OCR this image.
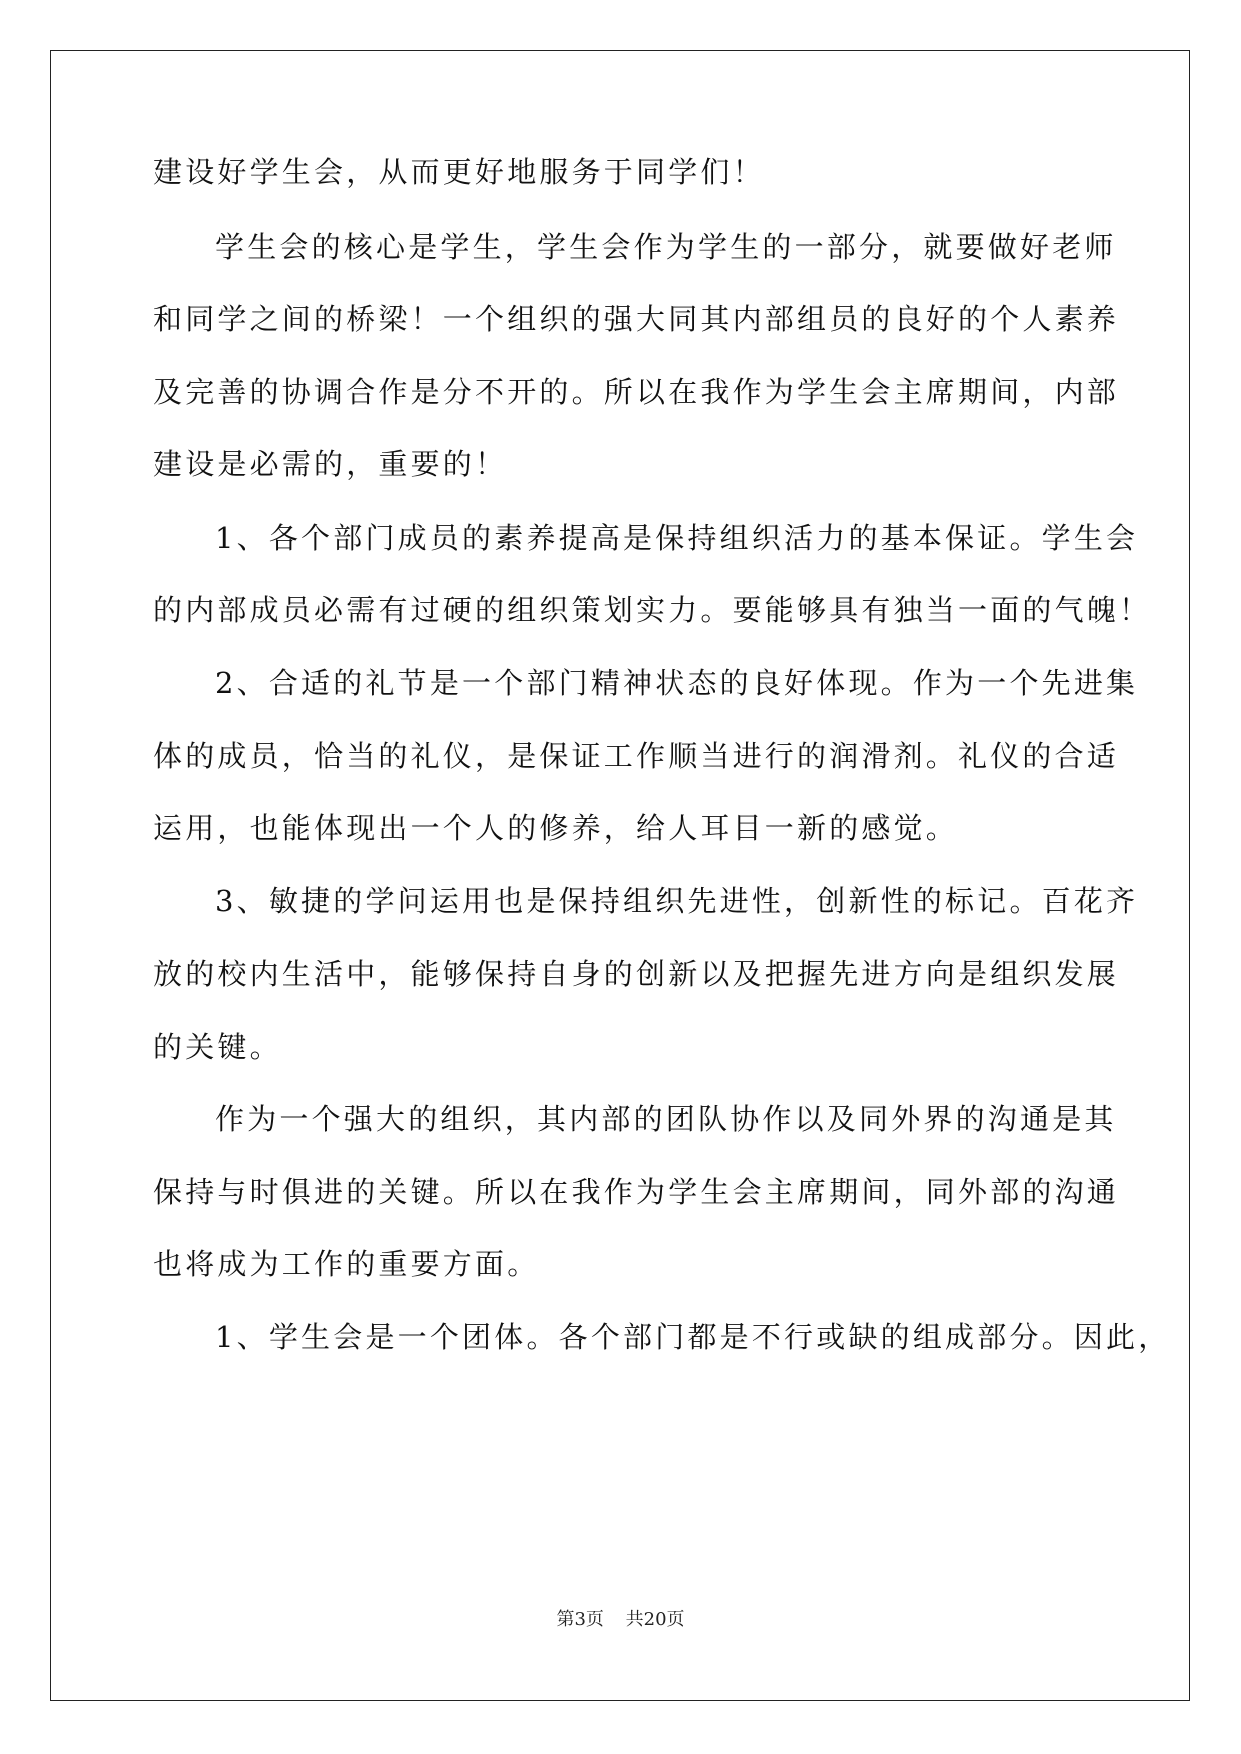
建设好学生会，从而更好地服务于同学们！
学生会的核心是学生，学生会作为学生的一部分，就要做好老师
和同学之间的桥梁！一个组织的强大同其内部组员的良好的个人素养
及完善的协调合作是分不开的。所以在我作为学生会主席期间，内部
建设是必需的，重要的！
1、各个部门成员的素养提高是保持组织活力的基本保证。学生会
的内部成员必需有过硬的组织策划实力。要能够具有独当一面的气魄！
2、合适的礼节是一个部门精神状态的良好体现。作为一个先进集
体的成员，恰当的礼仪，是保证工作顺当进行的润滑剂。礼仪的合适
运用，也能体现出一个人的修养，给人耳目一新的感觉。
3、敏捷的学问运用也是保持组织先进性，创新性的标记。百花齐
放的校内生活中，能够保持自身的创新以及把握先进方向是组织发展
的关键。
作为一个强大的组织，其内部的团队协作以及同外界的沟通是其
保持与时俱进的关键。所以在我作为学生会主席期间，同外部的沟通
也将成为工作的重要方面。
1、学生会是一个团体。各个部门都是不行或缺的组成部分。因此，
第3页 共20页
